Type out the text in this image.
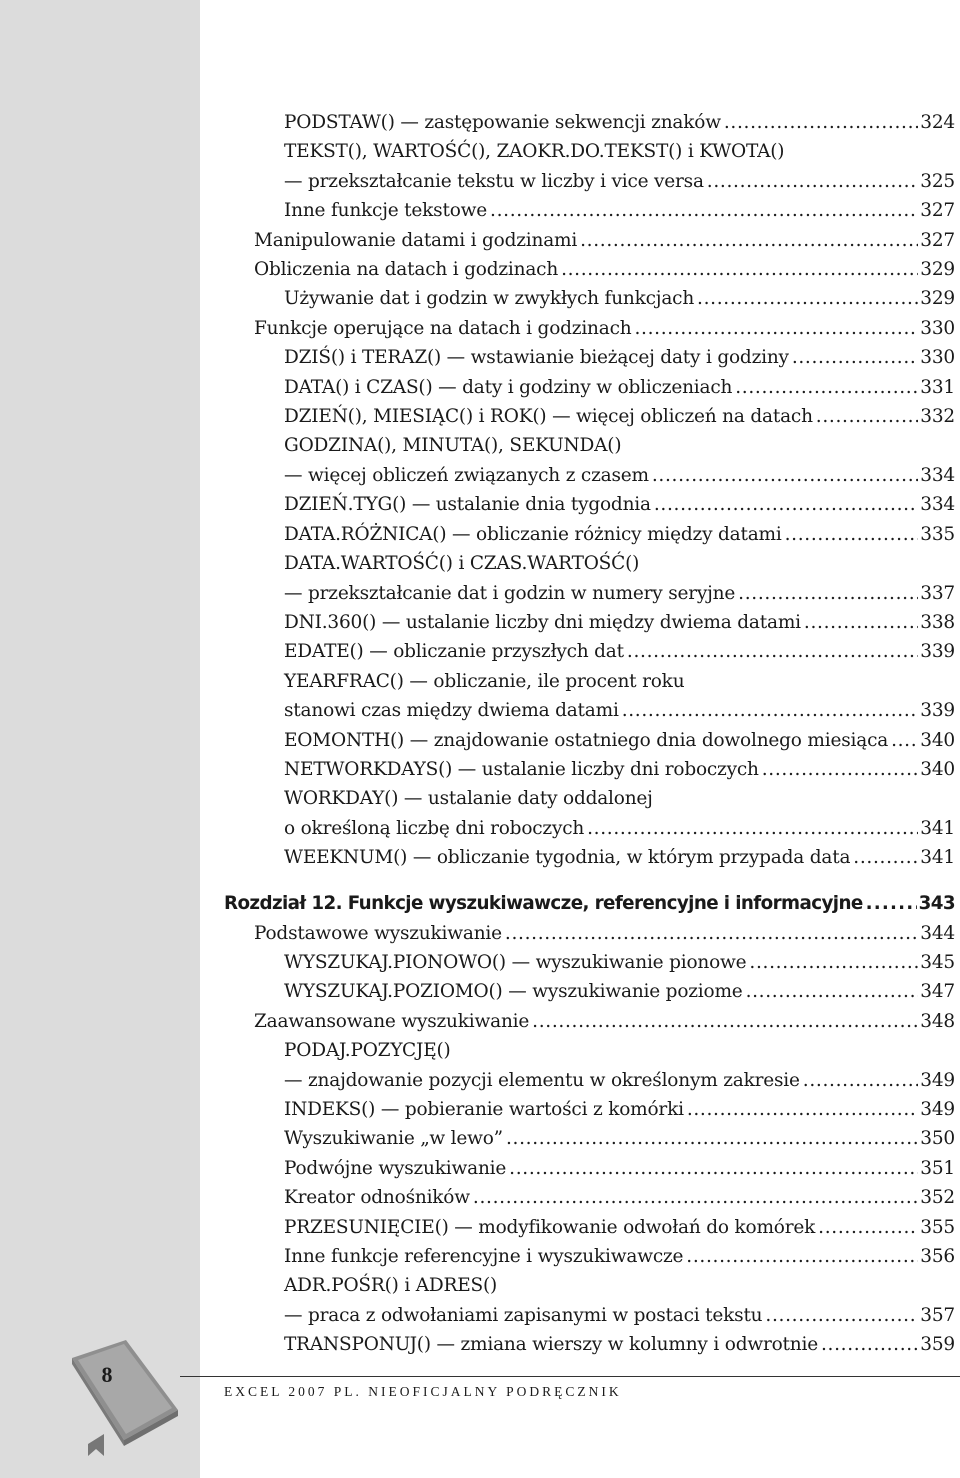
PODSTAW() — zastępowanie sekwencji znaków . . .	324
TEKST(), WARTOŚĆ(), ZAOKR.DO.TEKST() i KWOTA()
— przekształcanie tekstu w liczby i vice versa . . .	325
Inne funkcje tekstowe . . .	327
Manipulowanie datami i godzinami . . .	327
Obliczenia na datach i godzinach . . .	329
Używanie dat i godzin w zwykłych funkcjach . . .	329
Funkcje operujące na datach i godzinach . . .	330
DZIŚ() i TERAZ() — wstawianie bieżącej daty i godziny . . .	330
DATA() i CZAS() — daty i godziny w obliczeniach . . .	331
DZIEŃ(), MIESIĄC() i ROK() — więcej obliczeń na datach . . .	332
GODZINA(), MINUTA(), SEKUNDA()
— więcej obliczeń związanych z czasem . . .	334
DZIEŃ.TYG() — ustalanie dnia tygodnia . . .	334
DATA.RÓŻNICA() — obliczanie różnicy między datami . . .	335
DATA.WARTOŚĆ() i CZAS.WARTOŚĆ()
— przekształcanie dat i godzin w numery seryjne . . .	337
DNI.360() — ustalanie liczby dni między dwiema datami . . .	338
EDATE() — obliczanie przyszłych dat . . .	339
YEARFRAC() — obliczanie, ile procent roku
stanowi czas między dwiema datami . . .	339
EOMONTH() — znajdowanie ostatniego dnia dowolnego miesiąca . . . 340
NETWORKDAYS() — ustalanie liczby dni roboczych . . .	340
WORKDAY() — ustalanie daty oddalonej
o określoną liczbę dni roboczych . . .	341
WEEKNUM() — obliczanie tygodnia, w którym przypada data . . .	341
Rozdział 12. Funkcje wyszukiwawcze, referencyjne i informacyjne . . .	343
Podstawowe wyszukiwanie . . .	344
WYSZUKAJ.PIONOWO() — wyszukiwanie pionowe . . .	345
WYSZUKAJ.POZIOMO() — wyszukiwanie poziome . . .	347
Zaawansowane wyszukiwanie . . .	348
PODAJ.POZYCJĘ()
— znajdowanie pozycji elementu w określonym zakresie . . .	349
INDEKS() — pobieranie wartości z komórki . . .	349
Wyszukiwanie „w lewo” . . .	350
Podwójne wyszukiwanie . . .	351
Kreator odnośników . . .	352
PRZESUNIĘCIE() — modyfikowanie odwołań do komórek . . .	355
Inne funkcje referencyjne i wyszukiwawcze . . .	356
ADR.POŚR() i ADRES()
— praca z odwołaniami zapisanymi w postaci tekstu . . .	357
TRANSPONUJ() — zmiana wierszy w kolumny i odwrotnie . . .	359
EXCEL 2007 PL. NIEOFICJALNY PODRĘCZNIK
8
